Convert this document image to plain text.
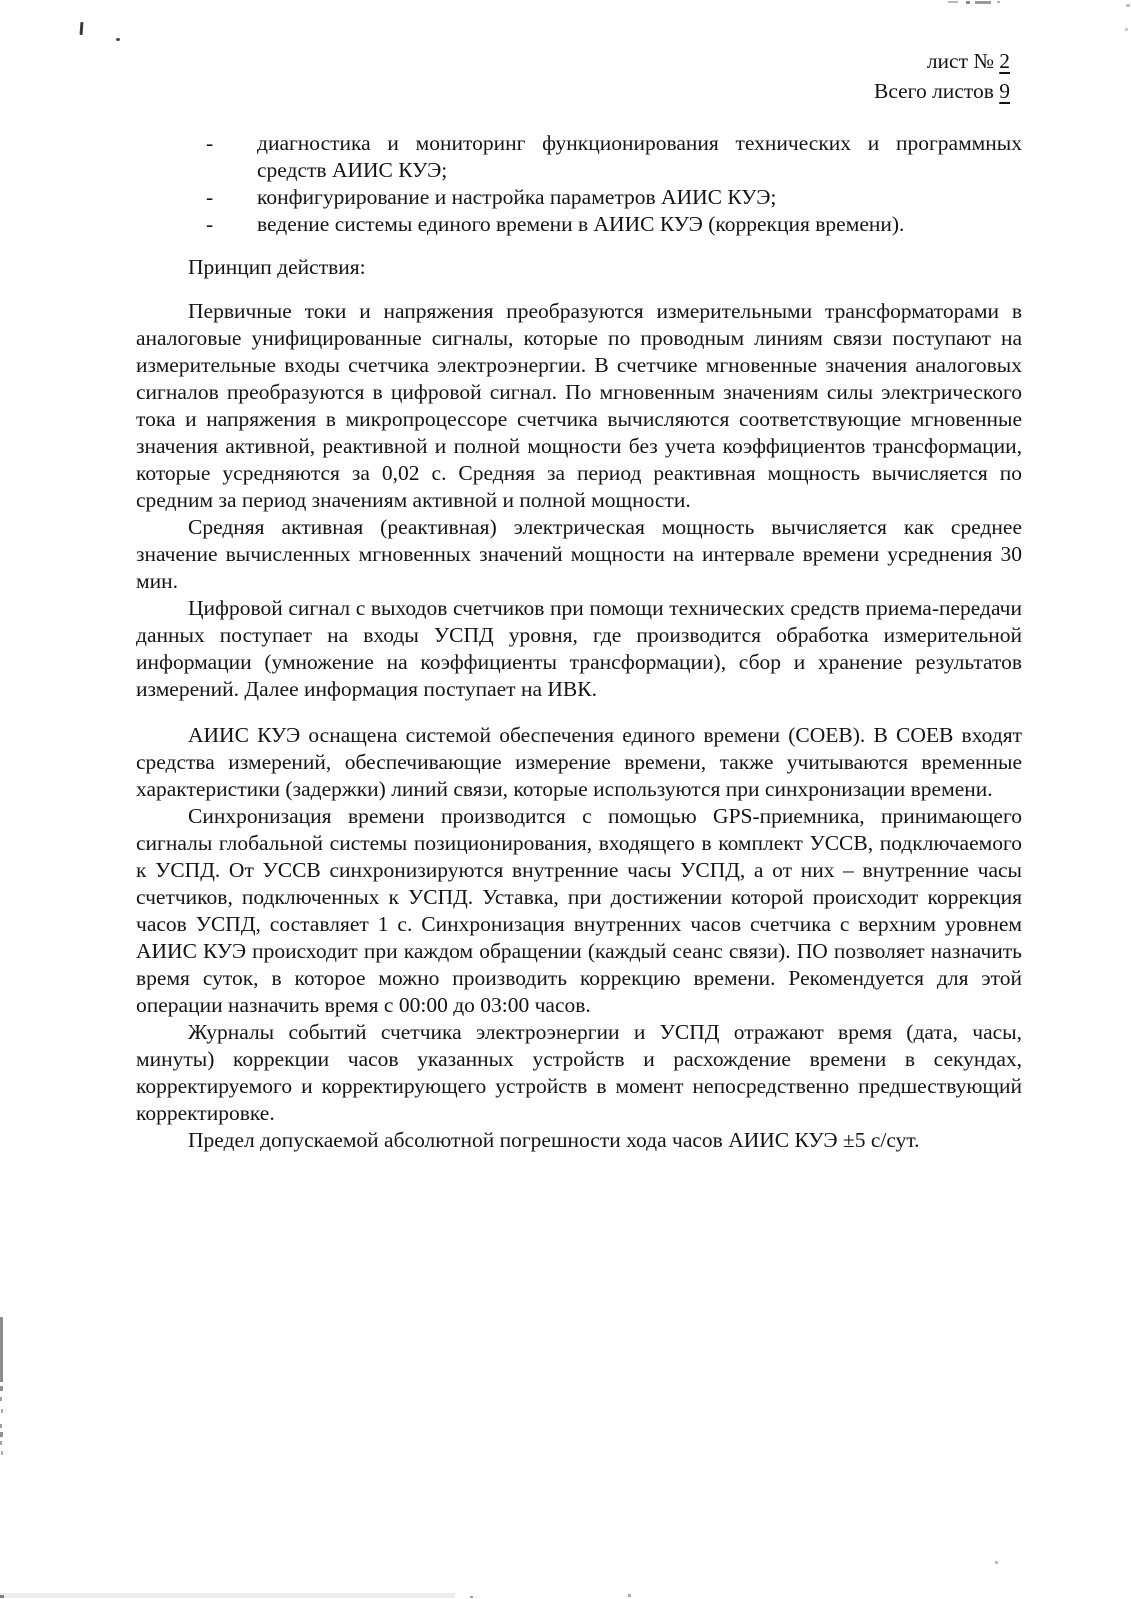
лист № 2
Всего листов 9
- диагностика и мониторинг функционирования технических и программных средств АИИС КУЭ;
- конфигурирование и настройка параметров АИИС КУЭ;
- ведение системы единого времени в АИИС КУЭ (коррекция времени).
Принцип действия:

Первичные токи и напряжения преобразуются измерительными трансформаторами в аналоговые унифицированные сигналы, которые по проводным линиям связи поступают на измерительные входы счетчика электроэнергии. В счетчике мгновенные значения аналоговых сигналов преобразуются в цифровой сигнал. По мгновенным значениям силы электрического тока и напряжения в микропроцессоре счетчика вычисляются соответствующие мгновенные значения активной, реактивной и полной мощности без учета коэффициентов трансформации, которые усредняются за 0,02 с. Средняя за период реактивная мощность вычисляется по средним за период значениям активной и полной мощности.

Средняя активная (реактивная) электрическая мощность вычисляется как среднее значение вычисленных мгновенных значений мощности на интервале времени усреднения 30 мин.

Цифровой сигнал с выходов счетчиков при помощи технических средств приема-передачи данных поступает на входы УСПД уровня, где производится обработка измерительной информации (умножение на коэффициенты трансформации), сбор и хранение результатов измерений. Далее информация поступает на ИВК.

АИИС КУЭ оснащена системой обеспечения единого времени (СОЕВ). В СОЕВ входят средства измерений, обеспечивающие измерение времени, также учитываются временные характеристики (задержки) линий связи, которые используются при синхронизации времени.

Синхронизация времени производится с помощью GPS-приемника, принимающего сигналы глобальной системы позиционирования, входящего в комплект УССВ, подключаемого к УСПД. От УССВ синхронизируются внутренние часы УСПД, а от них – внутренние часы счетчиков, подключенных к УСПД. Уставка, при достижении которой происходит коррекция часов УСПД, составляет 1 с. Синхронизация внутренних часов счетчика с верхним уровнем АИИС КУЭ происходит при каждом обращении (каждый сеанс связи). ПО позволяет назначить время суток, в которое можно производить коррекцию времени. Рекомендуется для этой операции назначить время с 00:00 до 03:00 часов.

Журналы событий счетчика электроэнергии и УСПД отражают время (дата, часы, минуты) коррекции часов указанных устройств и расхождение времени в секундах, корректируемого и корректирующего устройств в момент непосредственно предшествующий корректировке.

Предел допускаемой абсолютной погрешности хода часов АИИС КУЭ ±5 с/сут.
